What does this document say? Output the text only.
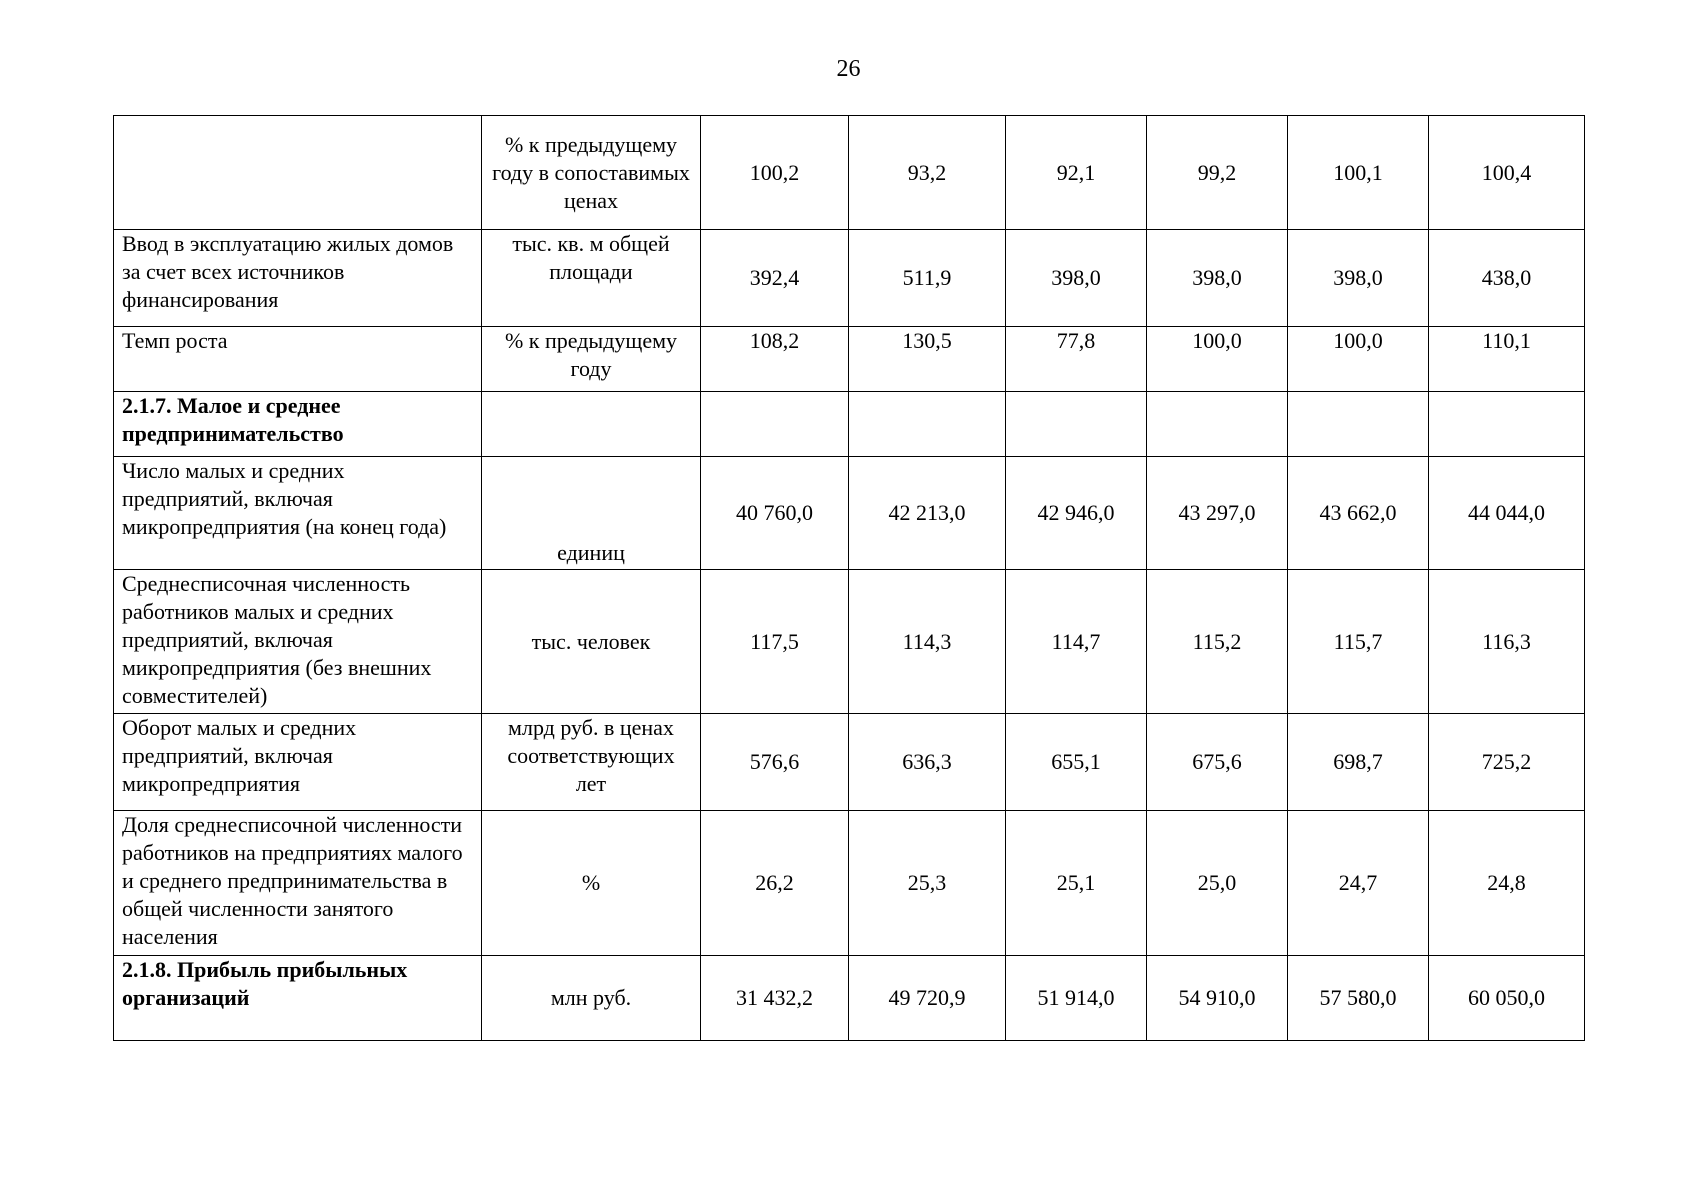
26
	% к предыдущему году в сопоставимых ценах	100,2	93,2	92,1	99,2	100,1	100,4
Ввод в эксплуатацию жилых домов за счет всех источников финансирования	тыс. кв. м общей площади	392,4	511,9	398,0	398,0	398,0	438,0
Темп роста	% к предыдущему году	108,2	130,5	77,8	100,0	100,0	110,1
2.1.7. Малое и среднее предпринимательство							
Число малых и средних предприятий, включая микропредприятия (на конец года)	единиц	40 760,0	42 213,0	42 946,0	43 297,0	43 662,0	44 044,0
Среднесписочная численность работников малых и средних предприятий, включая микропредприятия (без внешних совместителей)	тыс. человек	117,5	114,3	114,7	115,2	115,7	116,3
Оборот малых и средних предприятий, включая микропредприятия	млрд руб. в ценах соответствующих лет	576,6	636,3	655,1	675,6	698,7	725,2
Доля среднесписочной численности работников на предприятиях малого и среднего предпринимательства в общей численности занятого населения	%	26,2	25,3	25,1	25,0	24,7	24,8
2.1.8. Прибыль прибыльных организаций	млн руб.	31 432,2	49 720,9	51 914,0	54 910,0	57 580,0	60 050,0
